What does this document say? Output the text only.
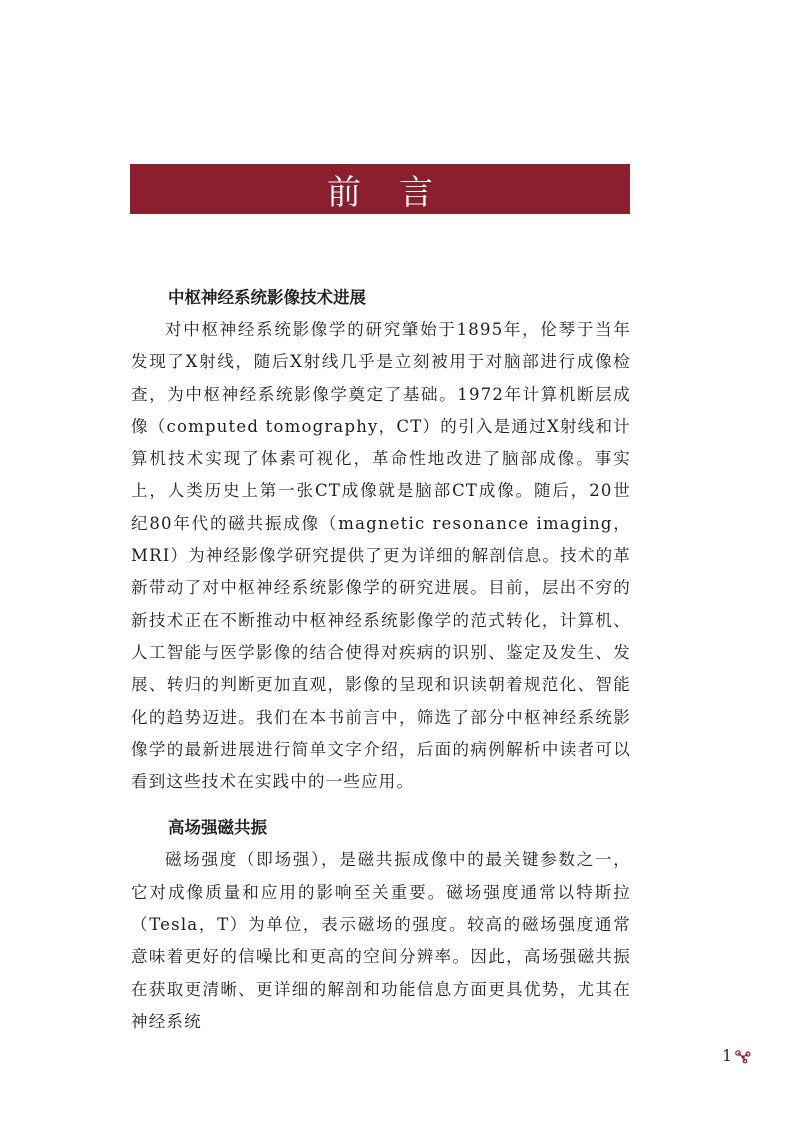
前言
中枢神经系统影像技术进展

对中枢神经系统影像学的研究肇始于1895年，伦琴于当年发现了X射线，随后X射线几乎是立刻被用于对脑部进行成像检查，为中枢神经系统影像学奠定了基础。1972年计算机断层成像（computed tomography，CT）的引入是通过X射线和计算机技术实现了体素可视化，革命性地改进了脑部成像。事实上，人类历史上第一张CT成像就是脑部CT成像。随后，20世纪80年代的磁共振成像（magnetic resonance imaging，MRI）为神经影像学研究提供了更为详细的解剖信息。技术的革新带动了对中枢神经系统影像学的研究进展。目前，层出不穷的新技术正在不断推动中枢神经系统影像学的范式转化，计算机、人工智能与医学影像的结合使得对疾病的识别、鉴定及发生、发展、转归的判断更加直观，影像的呈现和识读朝着规范化、智能化的趋势迈进。我们在本书前言中，筛选了部分中枢神经系统影像学的最新进展进行简单文字介绍，后面的病例解析中读者可以看到这些技术在实践中的一些应用。

高场强磁共振

磁场强度（即场强），是磁共振成像中的最关键参数之一，它对成像质量和应用的影响至关重要。磁场强度通常以特斯拉（Tesla，T）为单位，表示磁场的强度。较高的磁场强度通常意味着更好的信噪比和更高的空间分辨率。因此，高场强磁共振在获取更清晰、更详细的解剖和功能信息方面更具优势，尤其在神经系统

1
